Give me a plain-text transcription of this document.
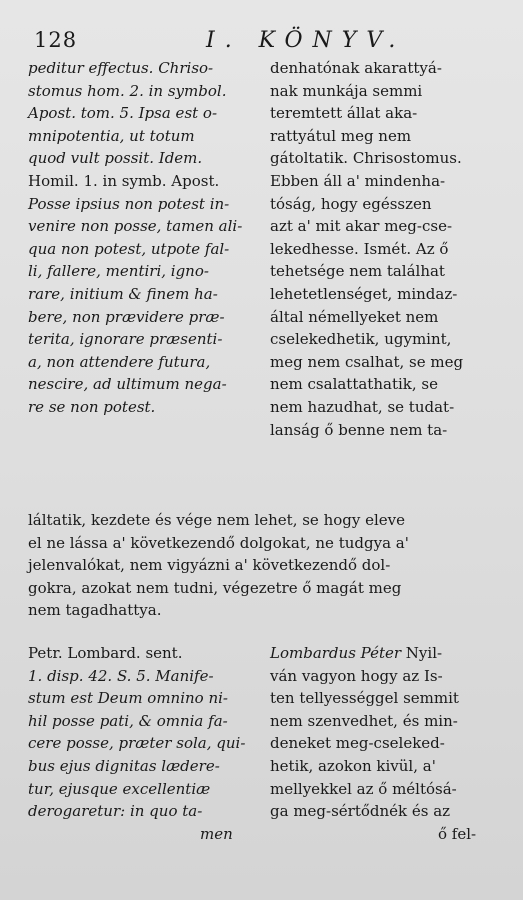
128	I. KÖNYV.
peditur effectus. Chriso-
stomus hom. 2. in symbol.
Apost. tom. 5. Ipsa est o-
mnipotentia, ut totum
quod vult possit. Idem.
Homil. 1. in symb. Apost.
Posse ipsius non potest in-
venire non posse, tamen ali-
qua non potest, utpote fal-
li, fallere, mentiri, igno-
rare, initium & finem ha-
bere, non prævidere præ-
terita, ignorare præsenti-
a, non attendere futura,
nescire, ad ultimum nega-
re se non potest.
denhatónak akarattyá-
nak munkája semmi
teremtett állat aka-
rattyátul meg nem
gátoltatik. Chrisostomus.
Ebben áll a' mindenha-
tóság, hogy egésszen
azt a' mit akar meg-cse-
lekedhesse. Ismét. Az ő
tehetsége nem találhat
lehetetlenséget, mindaz-
által némellyeket nem
cselekedhetik, ugymint,
meg nem csalhat, se meg
nem csalattathatik, se
nem hazudhat, se tudat-
lanság ő benne nem ta-
láltatik, kezdete és vége nem lehet, se hogy eleve
el ne lássa a' következendő dolgokat, ne tudgya a'
jelenvalókat, nem vigyázni a' következendő dol-
gokra, azokat nem tudni, végezetre ő magát meg
nem tagadhattya.
Petr. Lombard. sent.
1. disp. 42. S. 5. Manife-
stum est Deum omnino ni-
hil posse pati, & omnia fa-
cere posse, præter sola, qui-
bus ejus dignitas lædere-
tur, ejusque excellentiæ
derogaretur: in quo ta-
men
Lombardus Péter Nyil-
ván vagyon hogy az Is-
ten tellyességgel semmit
nem szenvedhet, és min-
deneket meg-cseleked-
hetik, azokon kivül, a'
mellyekkel az ő méltósá-
ga meg-sértődnék és az
ő fel-
